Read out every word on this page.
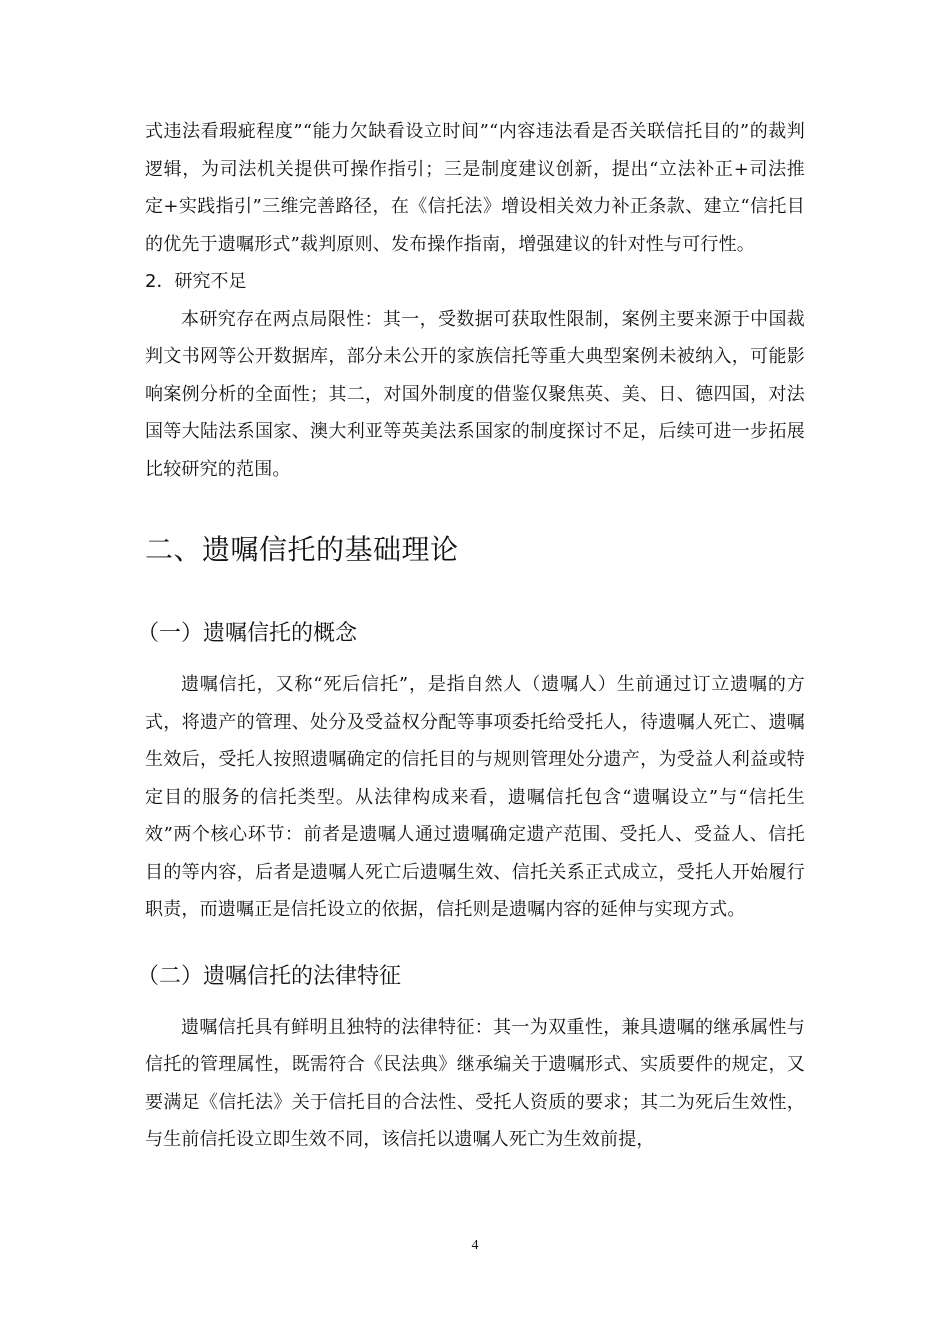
式违法看瑕疵程度”“能力欠缺看设立时间”“内容违法看是否关联信托目的”的裁判逻辑，为司法机关提供可操作指引；三是制度建议创新，提出“立法补正+司法推定+实践指引”三维完善路径，在《信托法》增设相关效力补正条款、建立“信托目的优先于遗嘱形式”裁判原则、发布操作指南，增强建议的针对性与可行性。

2．研究不足

本研究存在两点局限性：其一，受数据可获取性限制，案例主要来源于中国裁判文书网等公开数据库，部分未公开的家族信托等重大典型案例未被纳入，可能影响案例分析的全面性；其二，对国外制度的借鉴仅聚焦英、美、日、德四国，对法国等大陆法系国家、澳大利亚等英美法系国家的制度探讨不足，后续可进一步拓展比较研究的范围。

二、遗嘱信托的基础理论
（一）遗嘱信托的概念

遗嘱信托，又称“死后信托”，是指自然人（遗嘱人）生前通过订立遗嘱的方式，将遗产的管理、处分及受益权分配等事项委托给受托人，待遗嘱人死亡、遗嘱生效后，受托人按照遗嘱确定的信托目的与规则管理处分遗产，为受益人利益或特定目的服务的信托类型。从法律构成来看，遗嘱信托包含“遗嘱设立”与“信托生效”两个核心环节：前者是遗嘱人通过遗嘱确定遗产范围、受托人、受益人、信托目的等内容，后者是遗嘱人死亡后遗嘱生效、信托关系正式成立，受托人开始履行职责，而遗嘱正是信托设立的依据，信托则是遗嘱内容的延伸与实现方式。

（二）遗嘱信托的法律特征

遗嘱信托具有鲜明且独特的法律特征：其一为双重性，兼具遗嘱的继承属性与信托的管理属性，既需符合《民法典》继承编关于遗嘱形式、实质要件的规定，又要满足《信托法》关于信托目的合法性、受托人资质的要求；其二为死后生效性，与生前信托设立即生效不同，该信托以遗嘱人死亡为生效前提，

4
